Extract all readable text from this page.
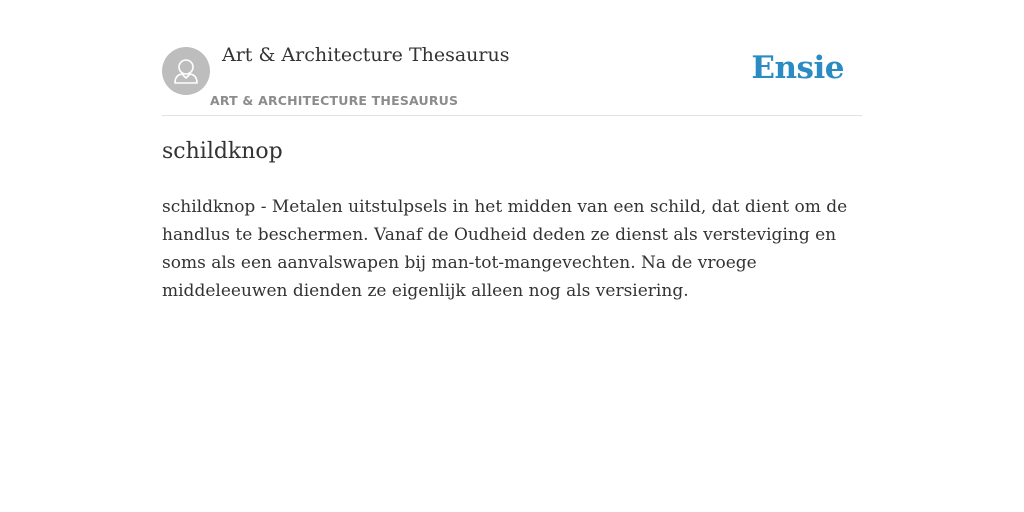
Art & Architecture Thesaurus
ART & ARCHITECTURE THESAURUS
Ensie
schildknop

schildknop - Metalen uitstulpsels in het midden van een schild, dat dient om de handlus te beschermen. Vanaf de Oudheid deden ze dienst als versteviging en soms als een aanvalswapen bij man-tot-mangevechten. Na de vroege middeleeuwen dienden ze eigenlijk alleen nog als versiering.
